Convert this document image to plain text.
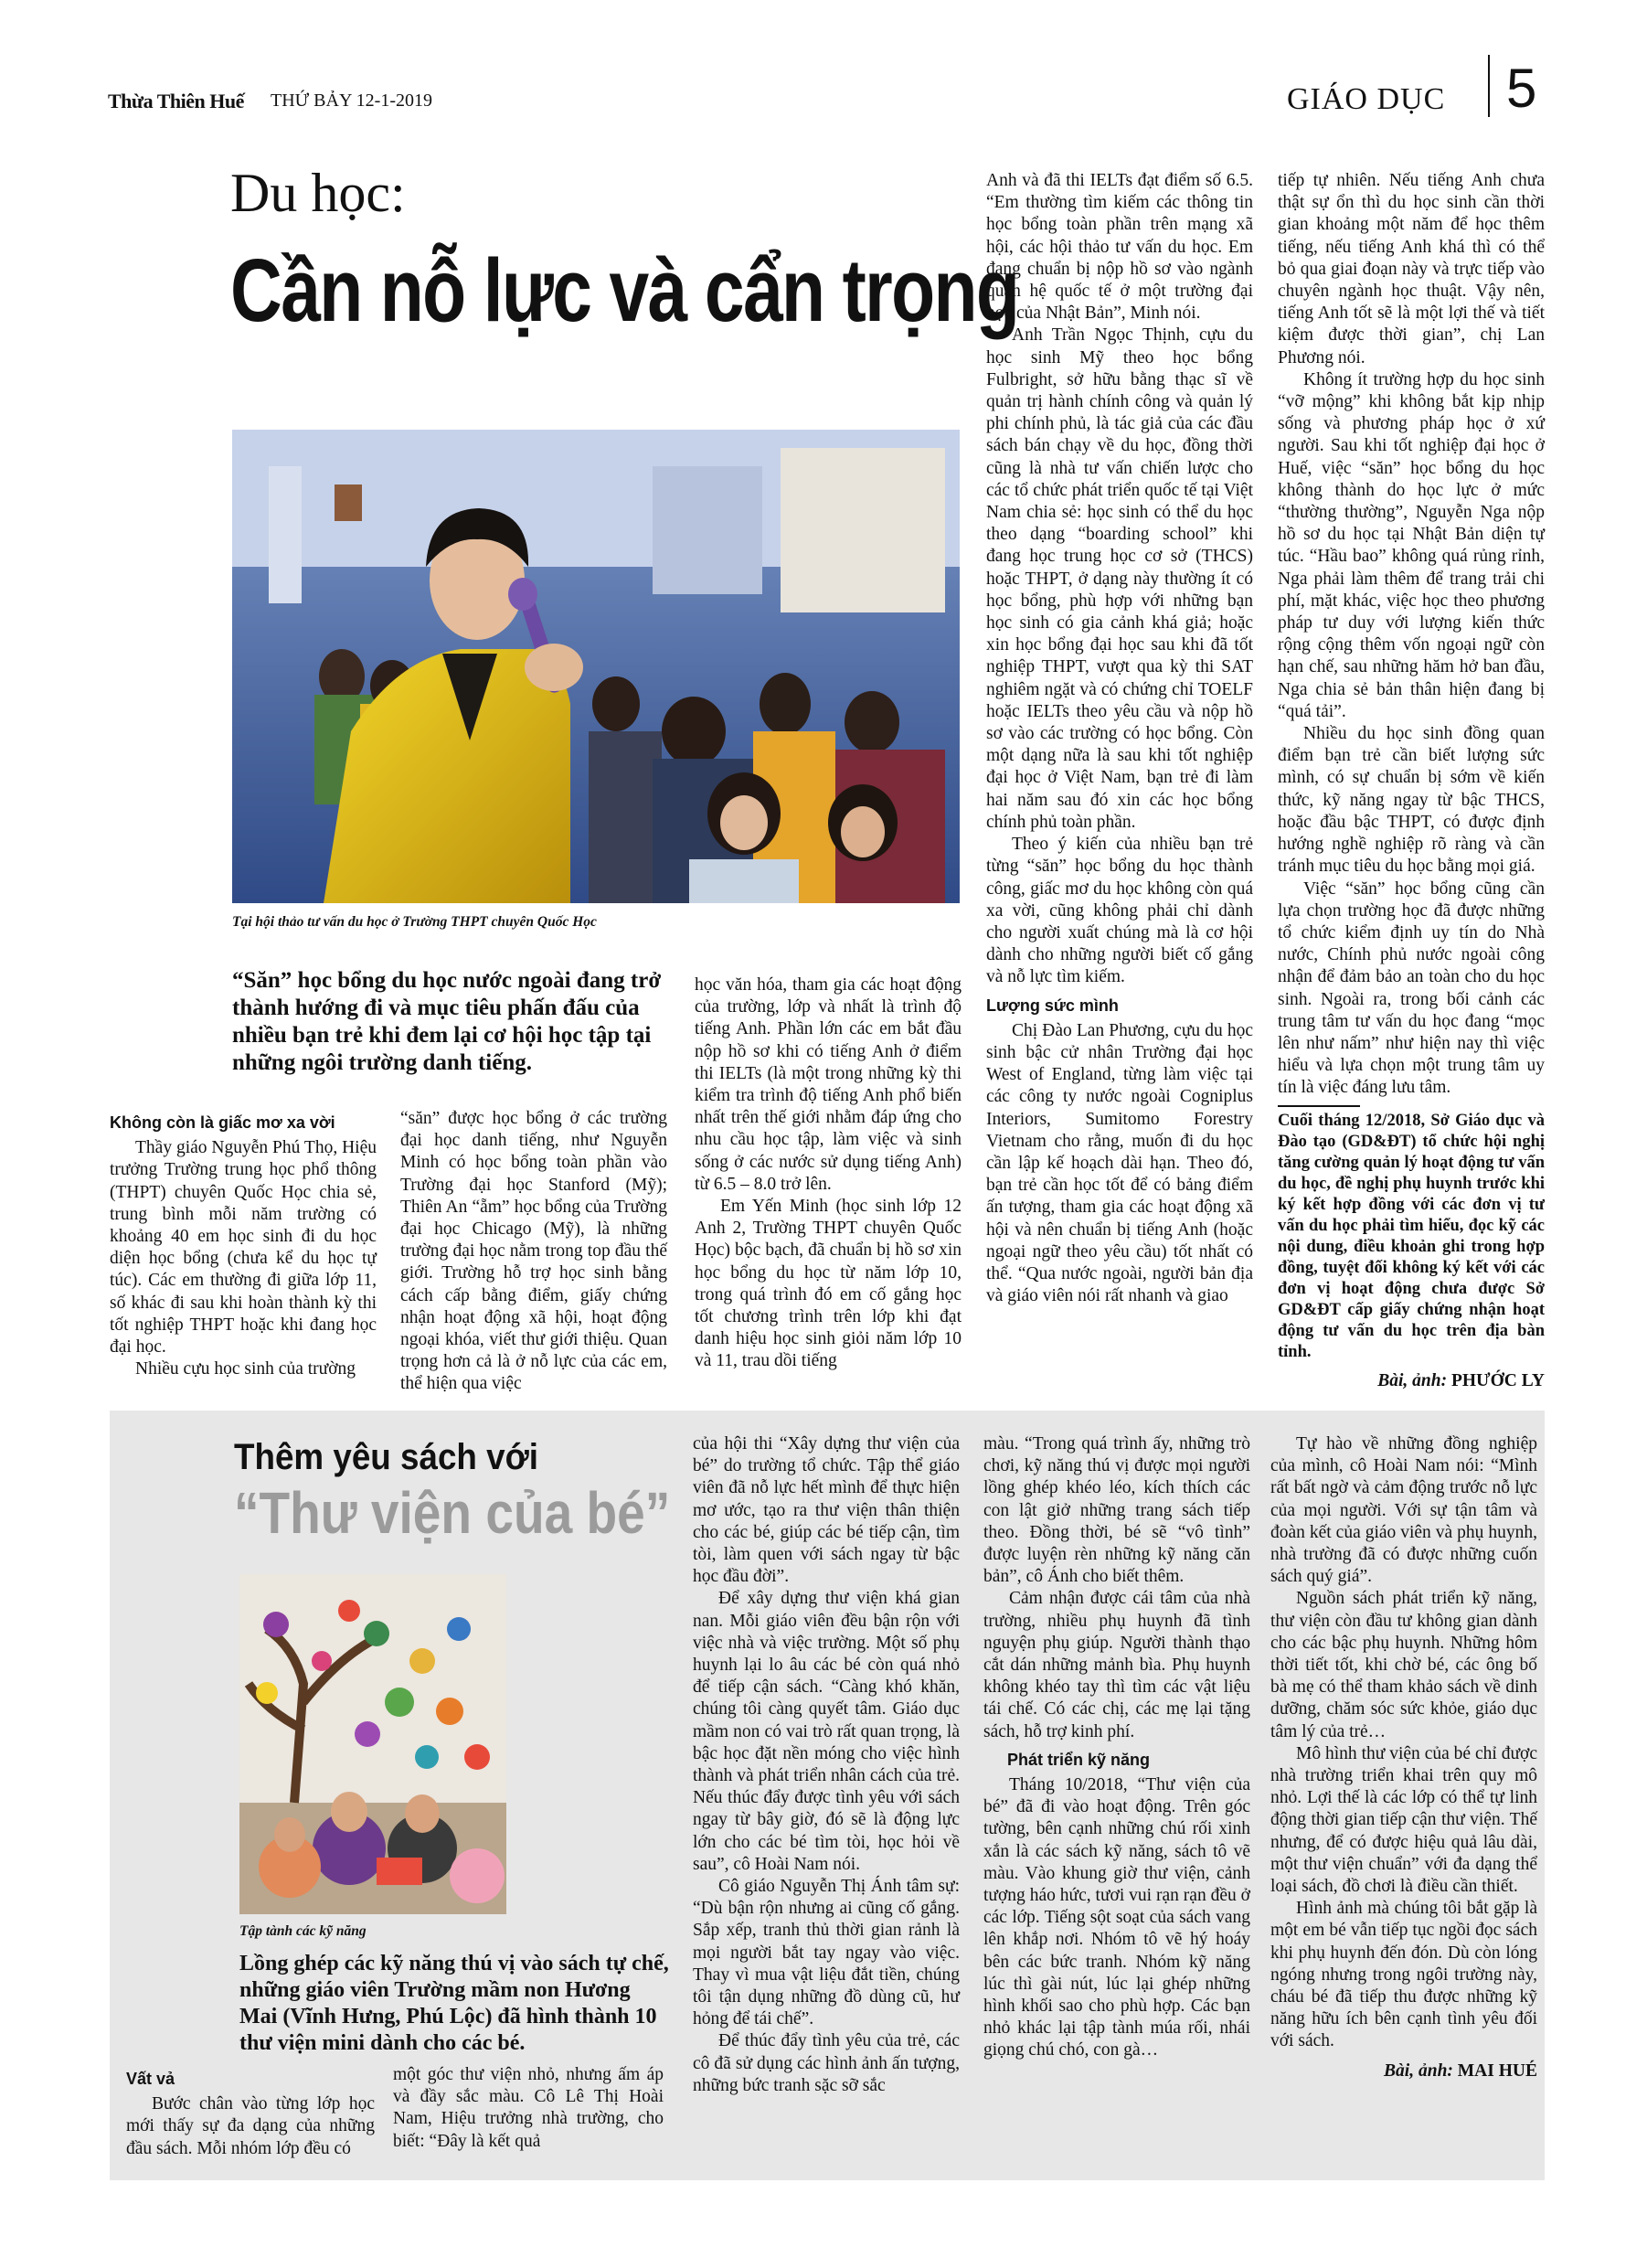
Thừa Thiên Huế THỨ BẢY 12-1-2019	GIÁO DỤC 5
Du học:
Cần nỗ lực và cẩn trọng
Tại hội thảo tư vấn du học ở Trường THPT chuyên Quốc Học
“Săn” học bổng du học nước ngoài đang trở thành hướng đi và mục tiêu phấn đấu của nhiều bạn trẻ khi đem lại cơ hội học tập tại những ngôi trường danh tiếng.
Không còn là giấc mơ xa vời

Thầy giáo Nguyễn Phú Thọ, Hiệu trưởng Trường trung học phổ thông (THPT) chuyên Quốc Học chia sẻ, trung bình mỗi năm trường có khoảng 40 em học sinh đi du học diện học bổng (chưa kể du học tự túc). Các em thường đi giữa lớp 11, số khác đi sau khi hoàn thành kỳ thi tốt nghiệp THPT hoặc khi đang học đại học.

Nhiều cựu học sinh của trường

“săn” được học bổng ở các trường đại học danh tiếng, như Nguyễn Minh có học bổng toàn phần vào Trường đại học Stanford (Mỹ); Thiên An “ẵm” học bổng của Trường đại học Chicago (Mỹ), là những trường đại học nằm trong top đầu thế giới. Trường hỗ trợ học sinh bằng cách cấp bằng điểm, giấy chứng nhận hoạt động xã hội, hoạt động ngoại khóa, viết thư giới thiệu. Quan trọng hơn cả là ở nỗ lực của các em, thể hiện qua việc

học văn hóa, tham gia các hoạt động của trường, lớp và nhất là trình độ tiếng Anh. Phần lớn các em bắt đầu nộp hồ sơ khi có tiếng Anh ở điểm thi IELTs (là một trong những kỳ thi kiểm tra trình độ tiếng Anh phổ biến nhất trên thế giới nhằm đáp ứng cho nhu cầu học tập, làm việc và sinh sống ở các nước sử dụng tiếng Anh) từ 6.5 – 8.0 trở lên.

Em Yến Minh (học sinh lớp 12 Anh 2, Trường THPT chuyên Quốc Học) bộc bạch, đã chuẩn bị hồ sơ xin học bổng du học từ năm lớp 10, trong quá trình đó em cố gắng học tốt chương trình trên lớp khi đạt danh hiệu học sinh giỏi năm lớp 10 và 11, trau dồi tiếng

Anh và đã thi IELTs đạt điểm số 6.5. “Em thường tìm kiếm các thông tin học bổng toàn phần trên mạng xã hội, các hội thảo tư vấn du học. Em đang chuẩn bị nộp hồ sơ vào ngành quan hệ quốc tế ở một trường đại học của Nhật Bản”, Minh nói.

Anh Trần Ngọc Thịnh, cựu du học sinh Mỹ theo học bổng Fulbright, sở hữu bằng thạc sĩ về quản trị hành chính công và quản lý phi chính phủ, là tác giả của các đầu sách bán chạy về du học, đồng thời cũng là nhà tư vấn chiến lược cho các tổ chức phát triển quốc tế tại Việt Nam chia sẻ: học sinh có thể du học theo dạng “boarding school” khi đang học trung học cơ sở (THCS) hoặc THPT, ở dạng này thường ít có học bổng, phù hợp với những bạn học sinh có gia cảnh khá giả; hoặc xin học bổng đại học sau khi đã tốt nghiệp THPT, vượt qua kỳ thi SAT nghiêm ngặt và có chứng chỉ TOELF hoặc IELTs theo yêu cầu và nộp hồ sơ vào các trường có học bổng. Còn một dạng nữa là sau khi tốt nghiệp đại học ở Việt Nam, bạn trẻ đi làm hai năm sau đó xin các học bổng chính phủ toàn phần.

Theo ý kiến của nhiều bạn trẻ từng “săn” học bổng du học thành công, giấc mơ du học không còn quá xa vời, cũng không phải chỉ dành cho người xuất chúng mà là cơ hội dành cho những người biết cố gắng và nỗ lực tìm kiếm.

Lượng sức mình

Chị Đào Lan Phương, cựu du học sinh bậc cử nhân Trường đại học West of England, từng làm việc tại các công ty nước ngoài Cogniplus Interiors, Sumitomo Forestry Vietnam cho rằng, muốn đi du học cần lập kế hoạch dài hạn. Theo đó, bạn trẻ cần học tốt để có bảng điểm ấn tượng, tham gia các hoạt động xã hội và nên chuẩn bị tiếng Anh (hoặc ngoại ngữ theo yêu cầu) tốt nhất có thể. “Qua nước ngoài, người bản địa và giáo viên nói rất nhanh và giao

tiếp tự nhiên. Nếu tiếng Anh chưa thật sự ổn thì du học sinh cần thời gian khoảng một năm để học thêm tiếng, nếu tiếng Anh khá thì có thể bỏ qua giai đoạn này và trực tiếp vào chuyên ngành học thuật. Vậy nên, tiếng Anh tốt sẽ là một lợi thế và tiết kiệm được thời gian”, chị Lan Phương nói.

Không ít trường hợp du học sinh “vỡ mộng” khi không bắt kịp nhịp sống và phương pháp học ở xứ người. Sau khi tốt nghiệp đại học ở Huế, việc “săn” học bổng du học không thành do học lực ở mức “thường thường”, Nguyễn Nga nộp hồ sơ du học tại Nhật Bản diện tự túc. “Hầu bao” không quá rủng rỉnh, Nga phải làm thêm để trang trải chi phí, mặt khác, việc học theo phương pháp tư duy với lượng kiến thức rộng cộng thêm vốn ngoại ngữ còn hạn chế, sau những hăm hở ban đầu, Nga chia sẻ bản thân hiện đang bị “quá tải”.

Nhiều du học sinh đồng quan điểm bạn trẻ cần biết lượng sức mình, có sự chuẩn bị sớm về kiến thức, kỹ năng ngay từ bậc THCS, hoặc đầu bậc THPT, có được định hướng nghề nghiệp rõ ràng và cần tránh mục tiêu du học bằng mọi giá.

Việc “săn” học bổng cũng cần lựa chọn trường học đã được những tổ chức kiểm định uy tín do Nhà nước, Chính phủ nước ngoài công nhận để đảm bảo an toàn cho du học sinh. Ngoài ra, trong bối cảnh các trung tâm tư vấn du học đang “mọc lên như nấm” như hiện nay thì việc hiểu và lựa chọn một trung tâm uy tín là việc đáng lưu tâm.

Cuối tháng 12/2018, Sở Giáo dục và Đào tạo (GD&ĐT) tổ chức hội nghị tăng cường quản lý hoạt động tư vấn du học, đề nghị phụ huynh trước khi ký kết hợp đồng với các đơn vị tư vấn du học phải tìm hiểu, đọc kỹ các nội dung, điều khoản ghi trong hợp đồng, tuyệt đối không ký kết với các đơn vị hoạt động chưa được Sở GD&ĐT cấp giấy chứng nhận hoạt động tư vấn du học trên địa bàn tỉnh.

Bài, ảnh: PHƯỚC LY
Thêm yêu sách với
“Thư viện của bé”
Tập tành các kỹ năng
Lồng ghép các kỹ năng thú vị vào sách tự chế, những giáo viên Trường mầm non Hương Mai (Vĩnh Hưng, Phú Lộc) đã hình thành 10 thư viện mini dành cho các bé.
Vất vả

Bước chân vào từng lớp học mới thấy sự đa dạng của những đầu sách. Mỗi nhóm lớp đều có

một góc thư viện nhỏ, nhưng ấm áp và đầy sắc màu. Cô Lê Thị Hoài Nam, Hiệu trưởng nhà trường, cho biết: “Đây là kết quả

của hội thi “Xây dựng thư viện của bé” do trường tổ chức. Tập thể giáo viên đã nỗ lực hết mình để thực hiện mơ ước, tạo ra thư viện thân thiện cho các bé, giúp các bé tiếp cận, tìm tòi, làm quen với sách ngay từ bậc học đầu đời”.

Để xây dựng thư viện khá gian nan. Mỗi giáo viên đều bận rộn với việc nhà và việc trường. Một số phụ huynh lại lo âu các bé còn quá nhỏ để tiếp cận sách. “Càng khó khăn, chúng tôi càng quyết tâm. Giáo dục mầm non có vai trò rất quan trọng, là bậc học đặt nền móng cho việc hình thành và phát triển nhân cách của trẻ. Nếu thúc đẩy được tình yêu với sách ngay từ bây giờ, đó sẽ là động lực lớn cho các bé tìm tòi, học hỏi về sau”, cô Hoài Nam nói.

Cô giáo Nguyễn Thị Ánh tâm sự: “Dù bận rộn nhưng ai cũng cố gắng. Sắp xếp, tranh thủ thời gian rảnh là mọi người bắt tay ngay vào việc. Thay vì mua vật liệu đắt tiền, chúng tôi tận dụng những đồ dùng cũ, hư hỏng để tái chế”.

Để thúc đẩy tình yêu của trẻ, các cô đã sử dụng các hình ảnh ấn tượng, những bức tranh sặc sỡ sắc

màu. “Trong quá trình ấy, những trò chơi, kỹ năng thú vị được mọi người lồng ghép khéo léo, kích thích các con lật giở những trang sách tiếp theo. Đồng thời, bé sẽ “vô tình” được luyện rèn những kỹ năng căn bản”, cô Ánh cho biết thêm.

Cảm nhận được cái tâm của nhà trường, nhiều phụ huynh đã tình nguyện phụ giúp. Người thành thạo cắt dán những mảnh bìa. Phụ huynh không khéo tay thì tìm các vật liệu tái chế. Có các chị, các mẹ lại tặng sách, hỗ trợ kinh phí.

Phát triển kỹ năng

Tháng 10/2018, “Thư viện của bé” đã đi vào hoạt động. Trên góc tường, bên cạnh những chú rối xinh xắn là các sách kỹ năng, sách tô vẽ màu. Vào khung giờ thư viện, cảnh tượng háo hức, tươi vui rạn rạn đều ở các lớp. Tiếng sột soạt của sách vang lên khắp nơi. Nhóm tô vẽ hý hoáy bên các bức tranh. Nhóm kỹ năng lúc thì gài nút, lúc lại ghép những hình khối sao cho phù hợp. Các bạn nhỏ khác lại tập tành múa rối, nhái giọng chú chó, con gà…

Tự hào về những đồng nghiệp của mình, cô Hoài Nam nói: “Mình rất bất ngờ và cảm động trước nỗ lực của mọi người. Với sự tận tâm và đoàn kết của giáo viên và phụ huynh, nhà trường đã có được những cuốn sách quý giá”.

Nguồn sách phát triển kỹ năng, thư viện còn đầu tư không gian dành cho các bậc phụ huynh. Những hôm thời tiết tốt, khi chờ bé, các ông bố bà mẹ có thể tham khảo sách về dinh dưỡng, chăm sóc sức khỏe, giáo dục tâm lý của trẻ…

Mô hình thư viện của bé chỉ được nhà trường triển khai trên quy mô nhỏ. Lợi thế là các lớp có thể tự linh động thời gian tiếp cận thư viện. Thế nhưng, để có được hiệu quả lâu dài, một thư viện chuẩn” với đa dạng thể loại sách, đồ chơi là điều cần thiết.

Hình ảnh mà chúng tôi bắt gặp là một em bé vẫn tiếp tục ngồi đọc sách khi phụ huynh đến đón. Dù còn lóng ngóng nhưng trong ngôi trường này, cháu bé đã tiếp thu được những kỹ năng hữu ích bên cạnh tình yêu đối với sách.

Bài, ảnh: MAI HUÉ
